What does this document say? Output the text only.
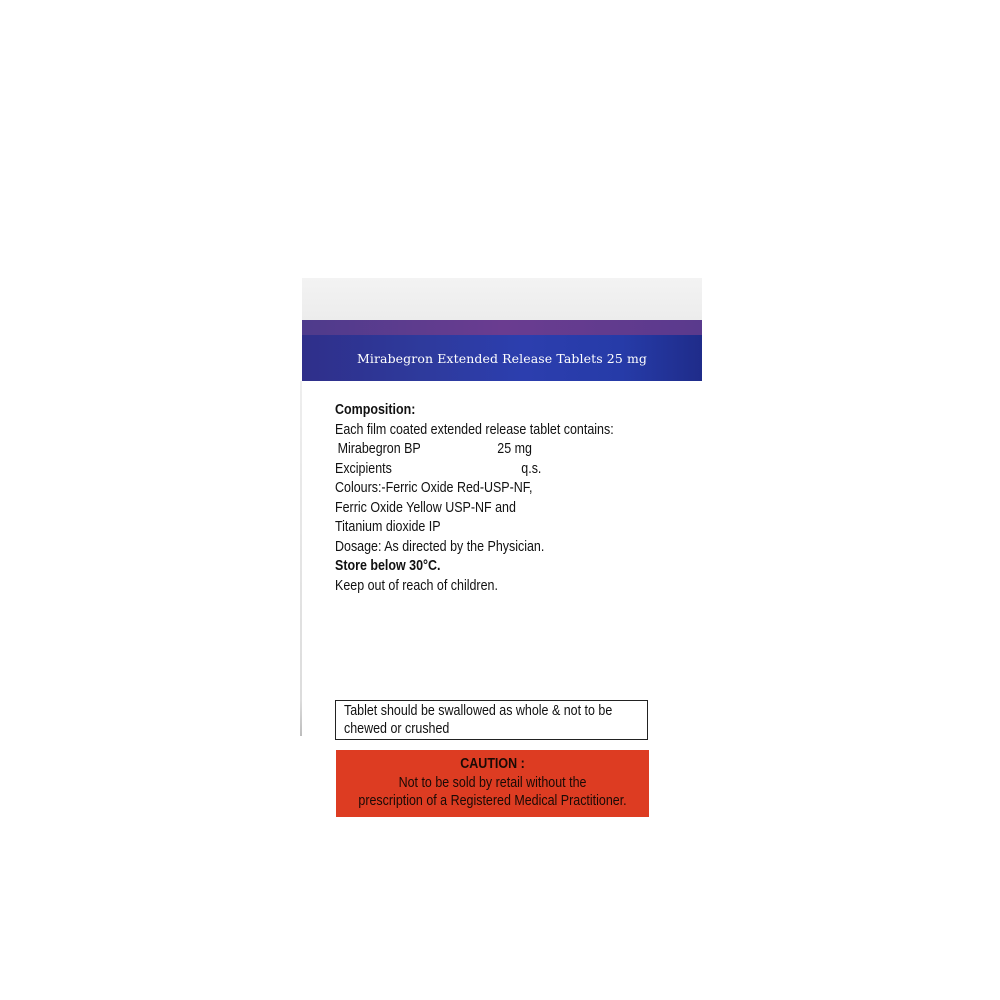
Mirabegron Extended Release Tablets 25 mg
Composition:
Each film coated extended release tablet contains:
Mirabegron BP	25 mg
Excipients	q.s.
Colours:-Ferric Oxide Red-USP-NF,
Ferric Oxide Yellow USP-NF and
Titanium dioxide IP
Dosage: As directed by the Physician.
Store below 30°C.
Keep out of reach of children.
Tablet should be swallowed as whole & not to be
chewed or crushed
CAUTION :
Not to be sold by retail without the
prescription of a Registered Medical Practitioner.
